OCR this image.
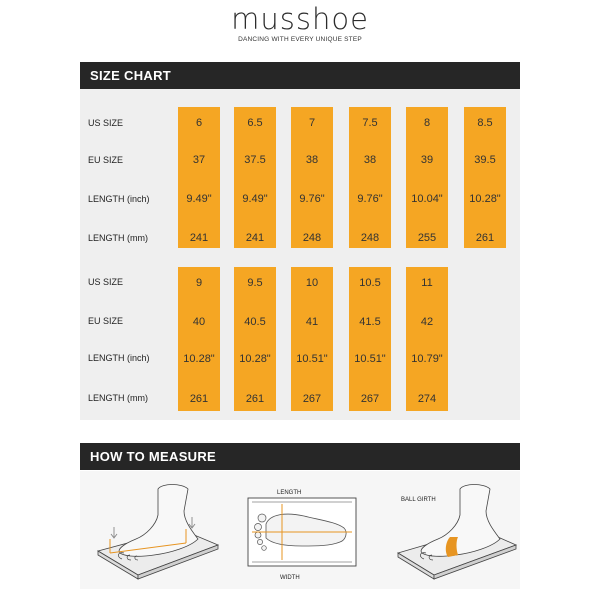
musshoe
DANCING WITH EVERY UNIQUE STEP
SIZE CHART
US SIZE
EU SIZE
LENGTH (inch)
LENGTH (mm)
US SIZE
EU SIZE
LENGTH (inch)
LENGTH (mm)
6
37
9.49"
241
6.5
37.5
9.49"
241
7
38
9.76"
248
7.5
38
9.76"
248
8
39
10.04"
255
8.5
39.5
10.28"
261
9
40
10.28"
261
9.5
40.5
10.28"
261
10
41
10.51"
267
10.5
41.5
10.51"
267
11
42
10.79"
274
HOW TO MEASURE
LENGTH
WIDTH
BALL GIRTH
